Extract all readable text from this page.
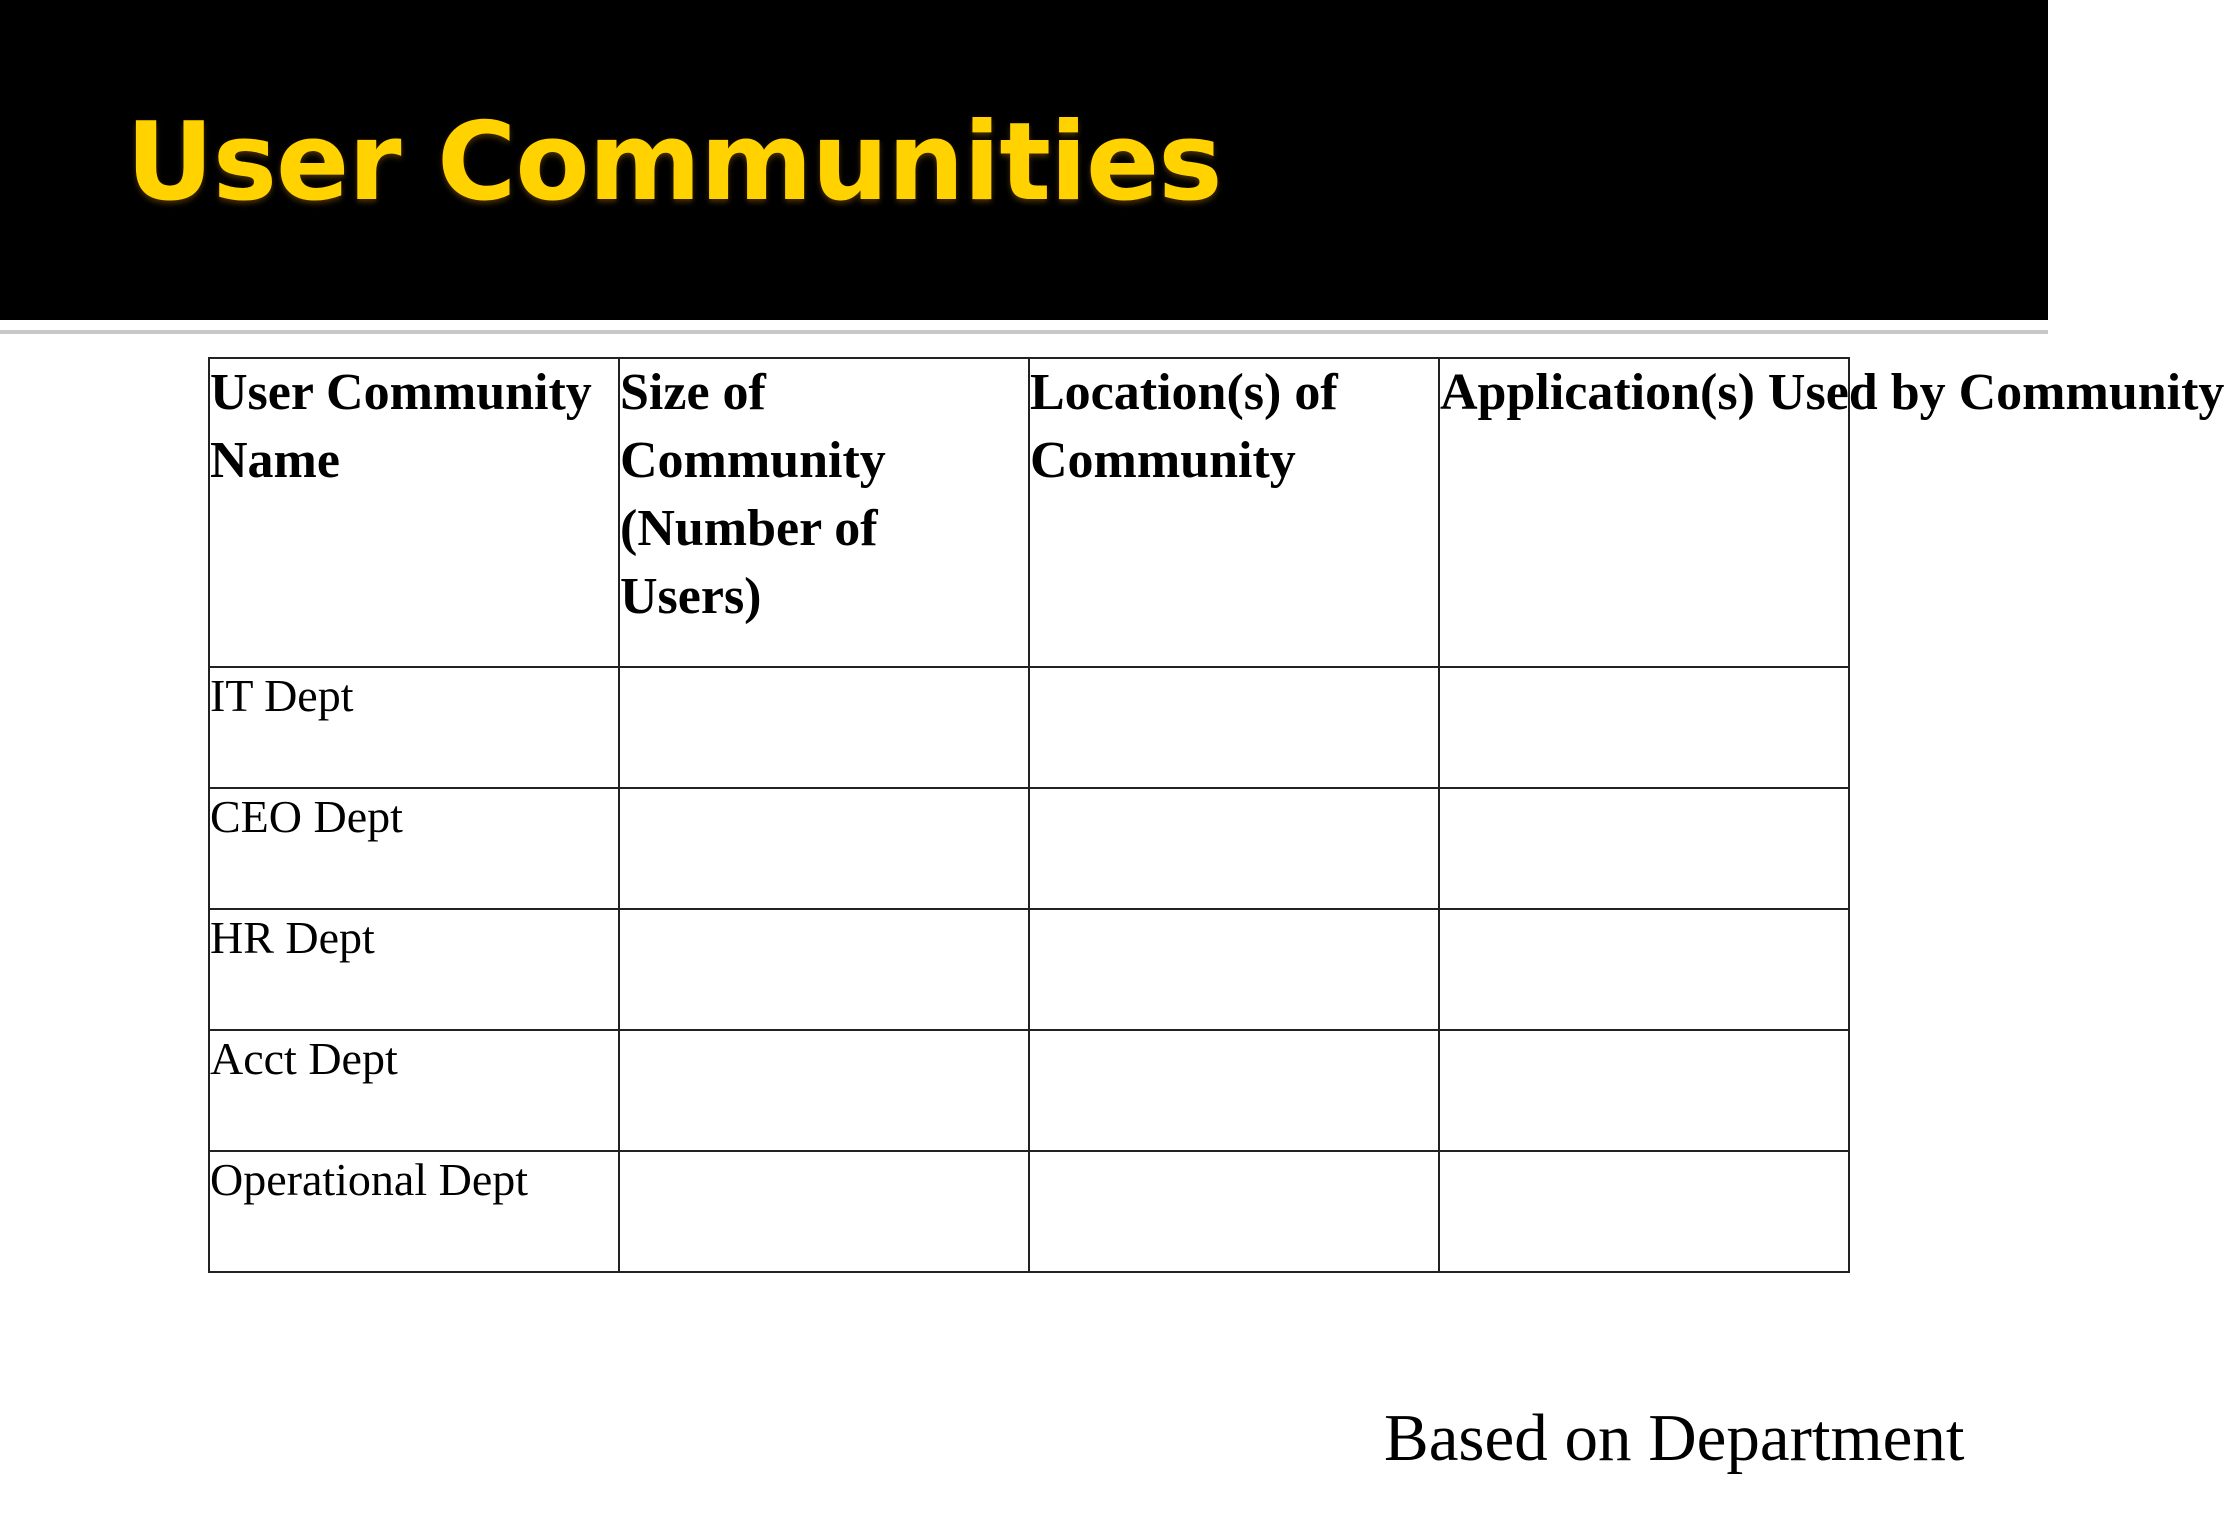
User Communities
User Community Name	Size of Community (Number of Users)	Location(s) of Community	Application(s) Used by Community

IT Dept			

CEO Dept			

HR Dept			

Acct Dept			

Operational Dept			

Based on Department
